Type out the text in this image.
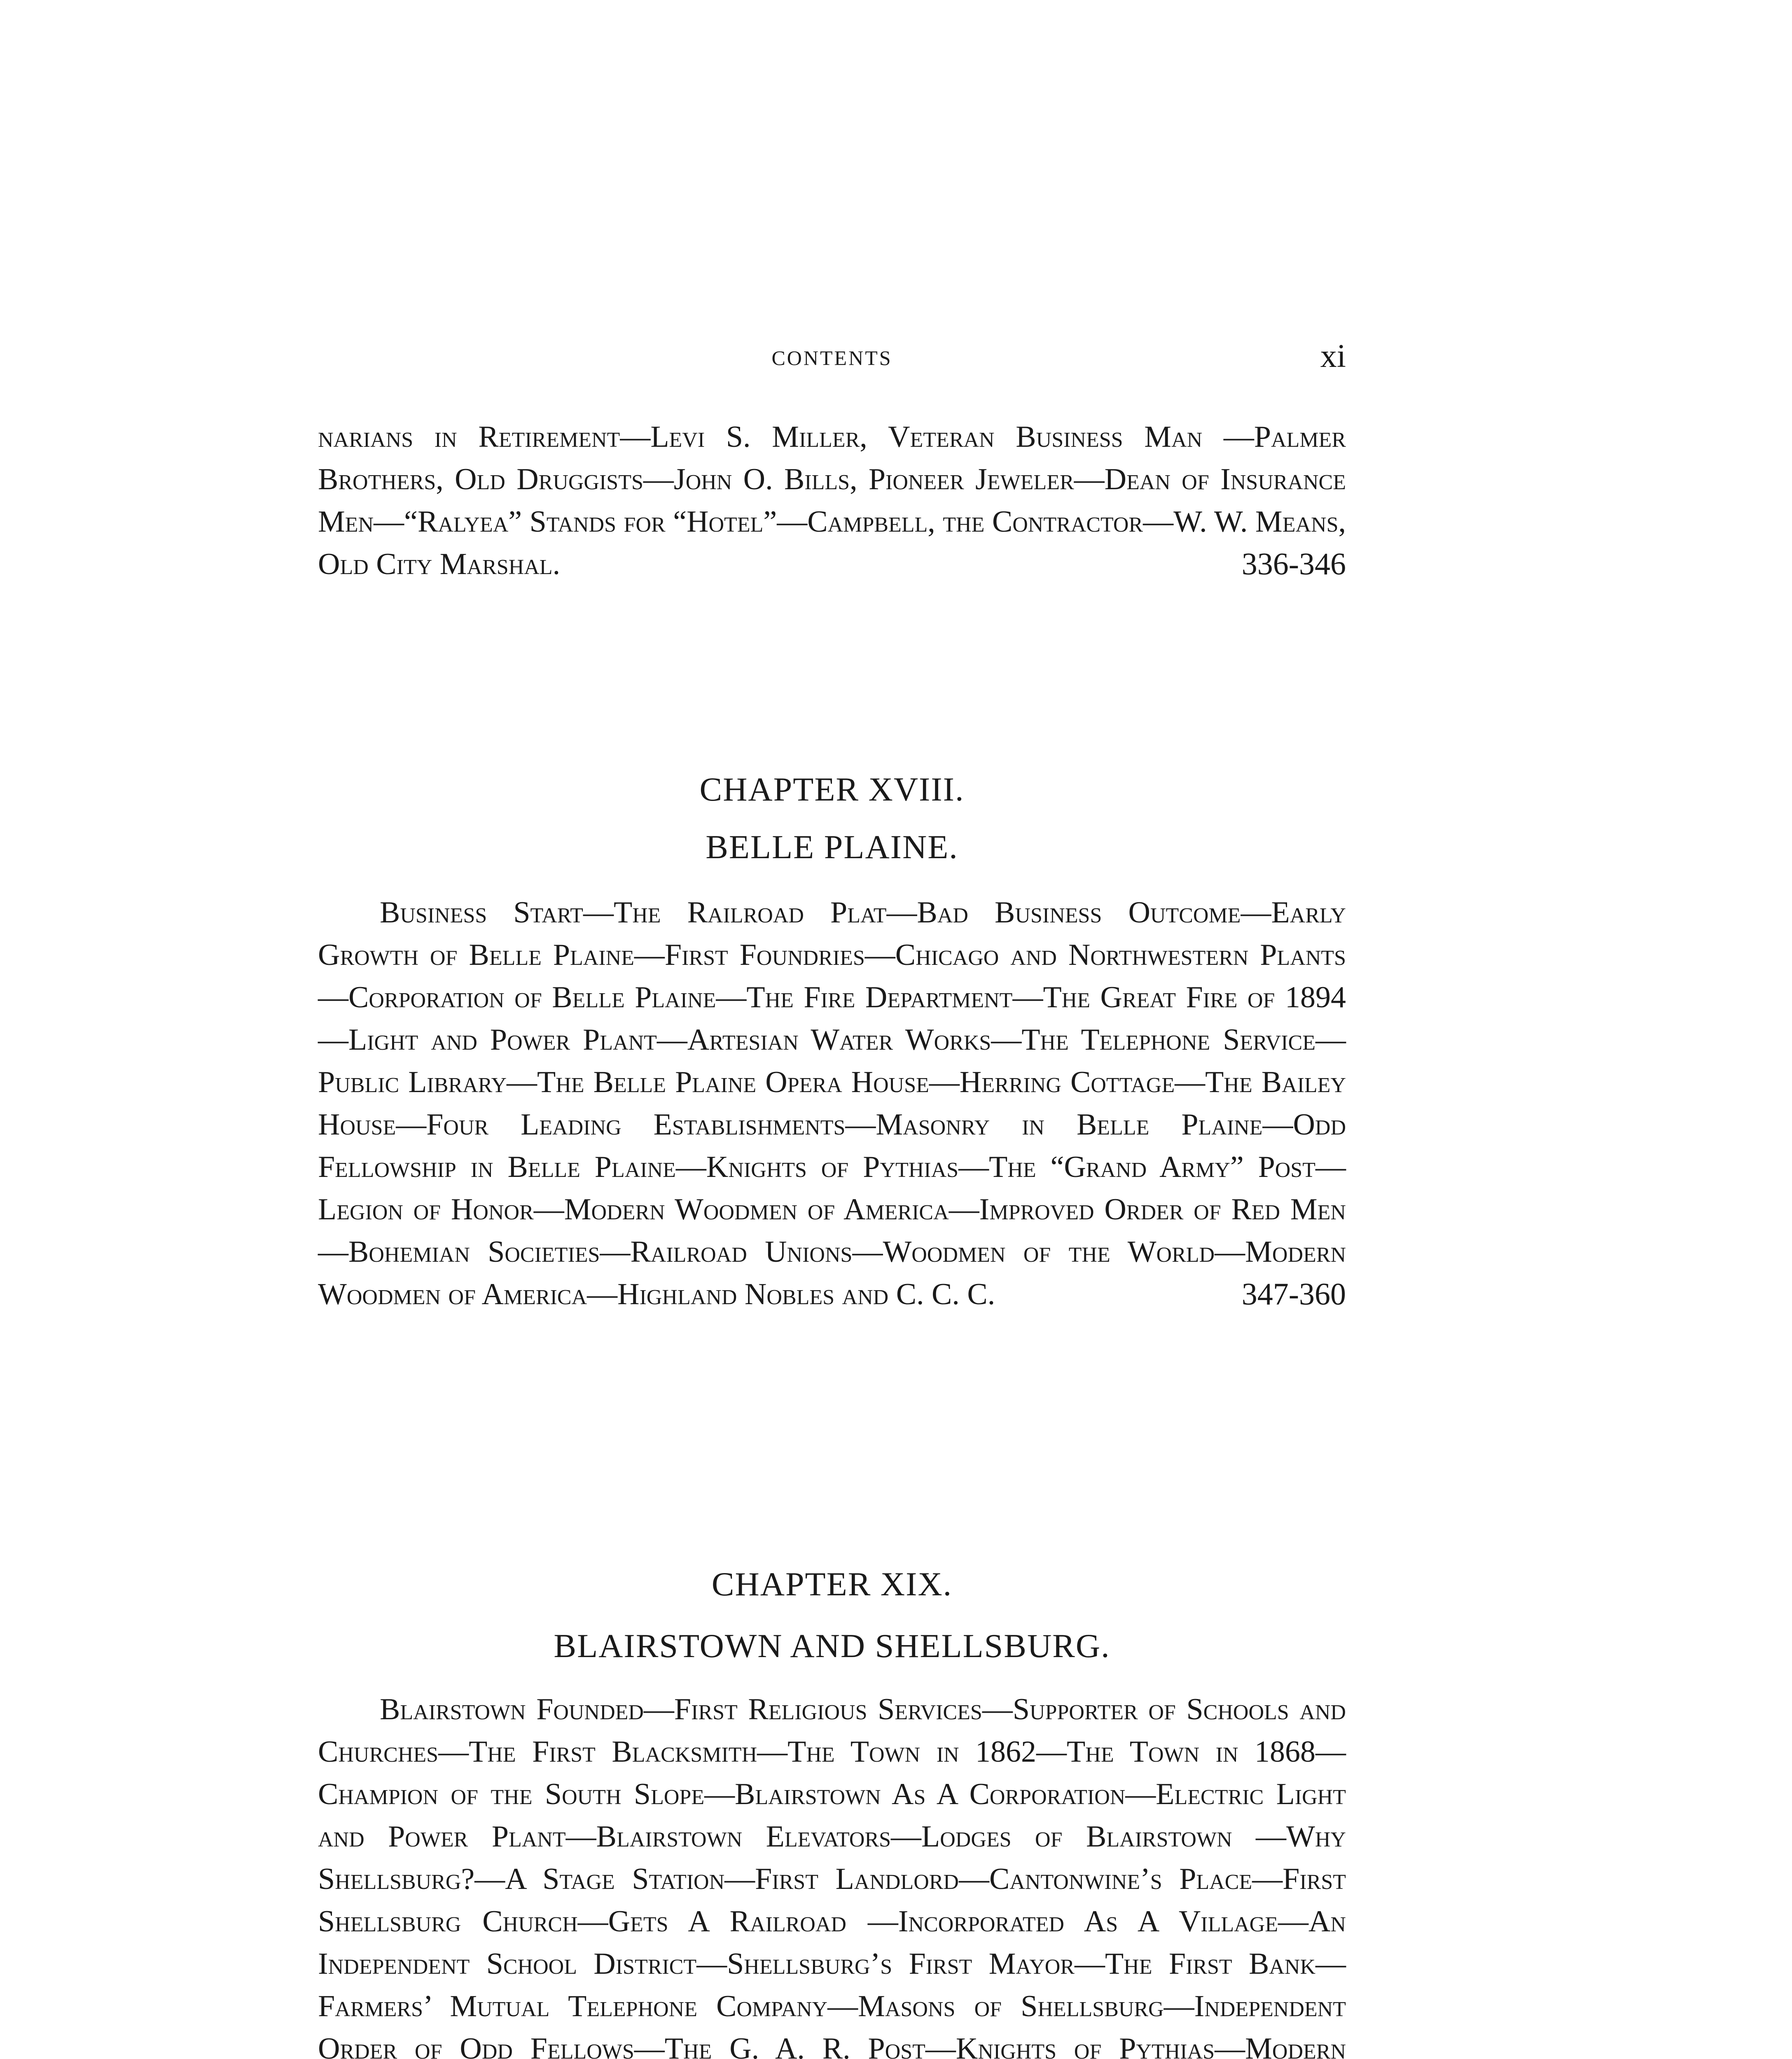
CONTENTS	xi

narians in Retirement—Levi S. Miller, Veteran Business Man —Palmer Brothers, Old Druggists—John O. Bills, Pioneer Jeweler—Dean of Insurance Men—“Ralyea” Stands for “Hotel”—Campbell, the Contractor—W. W. Means, Old City Marshal.	336-346

CHAPTER XVIII.
BELLE PLAINE.

Business Start—The Railroad Plat—Bad Business Outcome—Early Growth of Belle Plaine—First Foundries—Chicago and Northwestern Plants—Corporation of Belle Plaine—The Fire Department—The Great Fire of 1894—Light and Power Plant—Artesian Water Works—The Telephone Service—Public Library—The Belle Plaine Opera House—Herring Cottage—The Bailey House—Four Leading Establishments—Masonry in Belle Plaine—Odd Fellowship in Belle Plaine—Knights of Pythias—The “Grand Army” Post—Legion of Honor—Modern Woodmen of America—Improved Order of Red Men—Bohemian Societies—Railroad Unions—Woodmen of the World—Modern Woodmen of America—Highland Nobles and C. C. C.	347-360

CHAPTER XIX.
BLAIRSTOWN AND SHELLSBURG.

Blairstown Founded—First Religious Services—Supporter of Schools and Churches—The First Blacksmith—The Town in 1862—The Town in 1868—Champion of the South Slope—Blairstown As A Corporation—Electric Light and Power Plant—Blairstown Elevators—Lodges of Blairstown —Why Shellsburg?—A Stage Station—First Landlord—Cantonwine’s Place—First Shellsburg Church—Gets A Railroad —Incorporated As A Village—An Independent School District—Shellsburg’s First Mayor—The First Bank—Farmers’ Mutual Telephone Company—Masons of Shellsburg—Independent Order of Odd Fellows—The G. A. R. Post—Knights of Pythias—Modern
